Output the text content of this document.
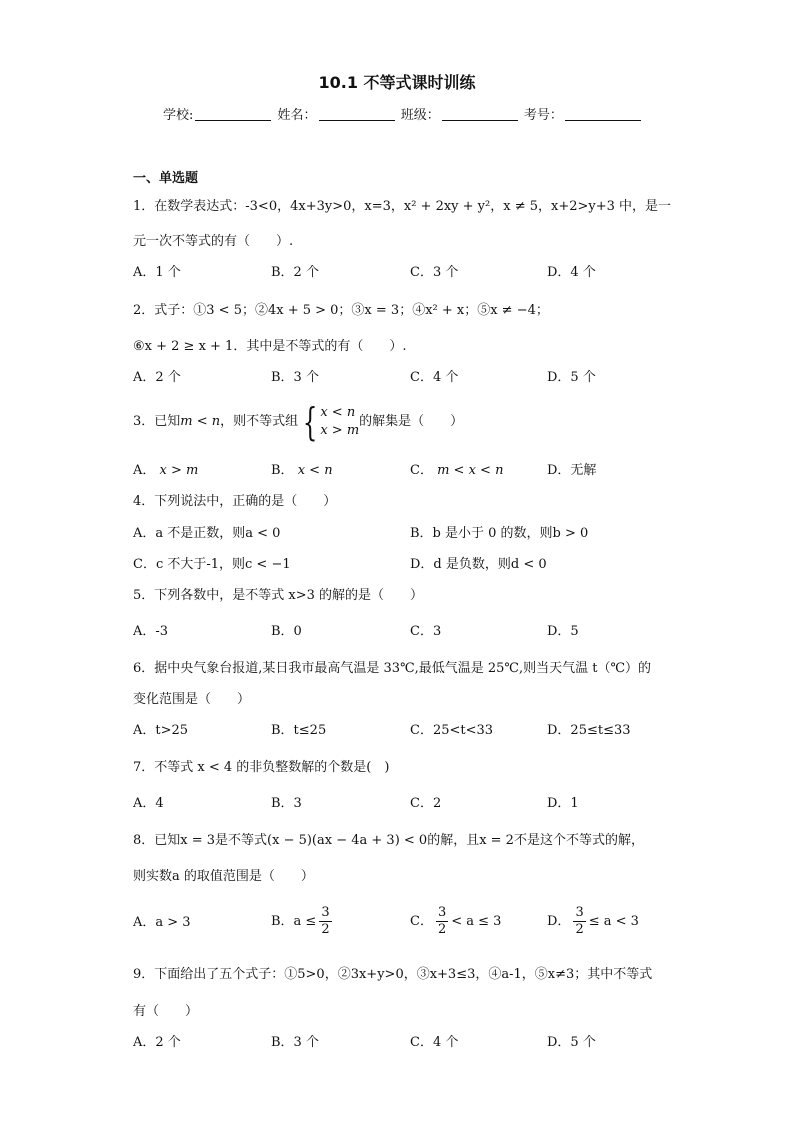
10.1 不等式课时训练
学校:	姓名：	班级：	考号：
一、单选题
1．在数学表达式：-3<0，4x+3y>0，x=3，x² + 2xy + y²，x ≠ 5，x+2>y+3 中，是一
元一次不等式的有（　　）.
A．1 个	B．2 个	C．3 个	D．4 个
2．式子：①3 < 5；②4x + 5 > 0；③x = 3；④x² + x；⑤x ≠ −4；
⑥x + 2 ≥ x + 1．其中是不等式的有（　　）.
A．2 个	B．3 个	C．4 个	D．5 个
3．已知m < n，则不等式组 { x < n
x > m
的解集是（　　）
A． x > m	B． x < n	C． m < x < n	D．无解
4．下列说法中，正确的是（　　）
A．a 不是正数，则a < 0	B．b 是小于 0 的数，则b > 0
C．c 不大于-1，则c < −1	D．d 是负数，则d < 0
5．下列各数中，是不等式 x>3 的解的是（　　）
A．-3	B．0	C．3	D．5
6．据中央气象台报道,某日我市最高气温是 33℃,最低气温是 25℃,则当天气温 t（℃）的
变化范围是（　　）
A．t>25	B．t≤25	C．25<t<33	D．25≤t≤33
7．不等式 x < 4 的非负整数解的个数是(　)
A．4	B．3	C．2	D．1
8．已知x = 3是不等式(x − 5)(ax − 4a + 3) < 0的解，且x = 2不是这个不等式的解，
则实数a 的取值范围是（　　）
A．a > 3	B．$a \le \frac{3}{2}$	C． $\frac{3}{2} < a \le 3$	D． $\frac{3}{2} \le a < 3$
9．下面给出了五个式子：①5>0，②3x+y>0，③x+3≤3，④a-1，⑤x≠3；其中不等式
有（　　）
A．2 个	B．3 个	C．4 个	D．5 个
